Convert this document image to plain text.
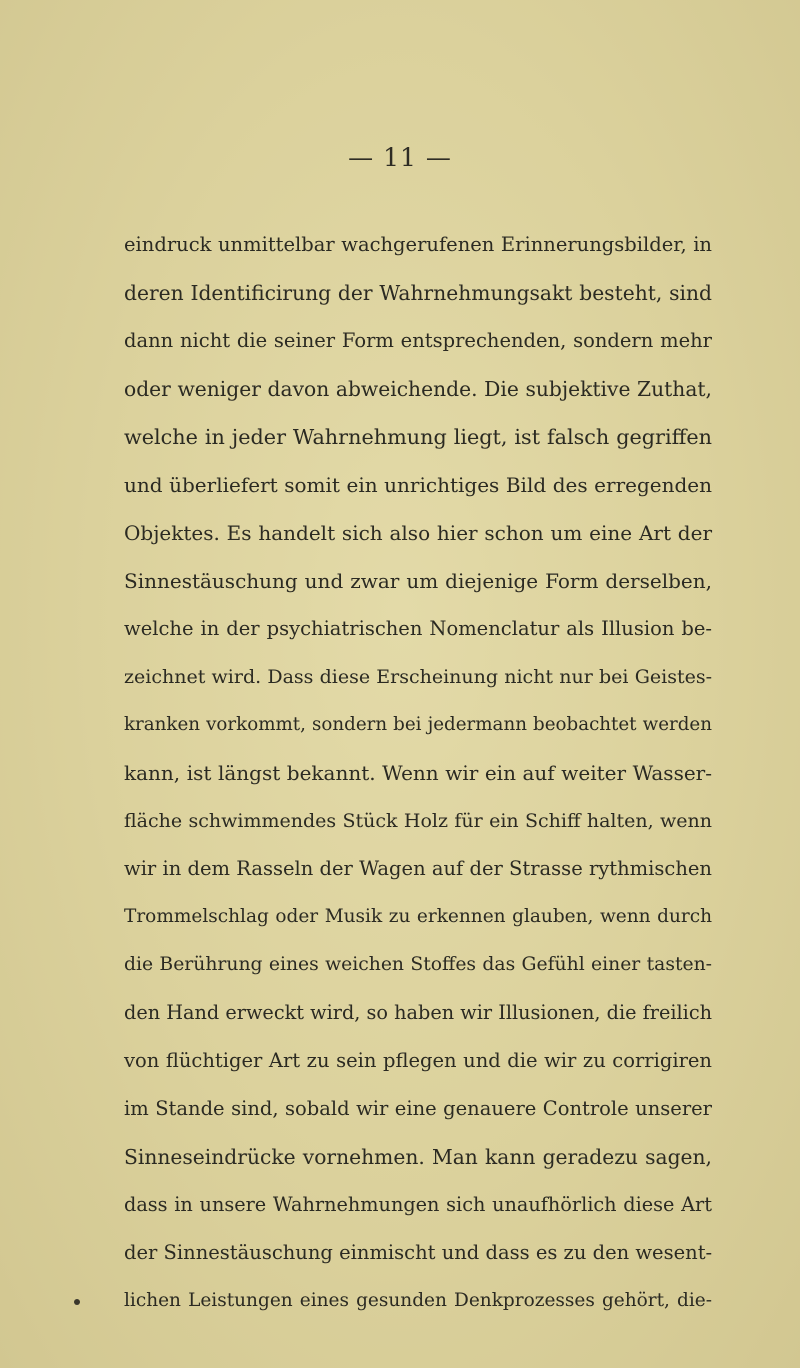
— 11 —
eindruck unmittelbar wachgerufenen Erinnerungsbilder, in
deren Identificirung der Wahrnehmungsakt besteht, sind
dann nicht die seiner Form entsprechenden, sondern mehr
oder weniger davon abweichende. Die subjektive Zuthat,
welche in jeder Wahrnehmung liegt, ist falsch gegriffen
und überliefert somit ein unrichtiges Bild des erregenden
Objektes. Es handelt sich also hier schon um eine Art der
Sinnestäuschung und zwar um diejenige Form derselben,
welche in der psychiatrischen Nomenclatur als Illusion be-
zeichnet wird. Dass diese Erscheinung nicht nur bei Geistes-
kranken vorkommt, sondern bei jedermann beobachtet werden
kann, ist längst bekannt. Wenn wir ein auf weiter Wasser-
fläche schwimmendes Stück Holz für ein Schiff halten, wenn
wir in dem Rasseln der Wagen auf der Strasse rythmischen
Trommelschlag oder Musik zu erkennen glauben, wenn durch
die Berührung eines weichen Stoffes das Gefühl einer tasten-
den Hand erweckt wird, so haben wir Illusionen, die freilich
von flüchtiger Art zu sein pflegen und die wir zu corrigiren
im Stande sind, sobald wir eine genauere Controle unserer
Sinneseindrücke vornehmen. Man kann geradezu sagen,
dass in unsere Wahrnehmungen sich unaufhörlich diese Art
der Sinnestäuschung einmischt und dass es zu den wesent-
lichen Leistungen eines gesunden Denkprozesses gehört, die-
